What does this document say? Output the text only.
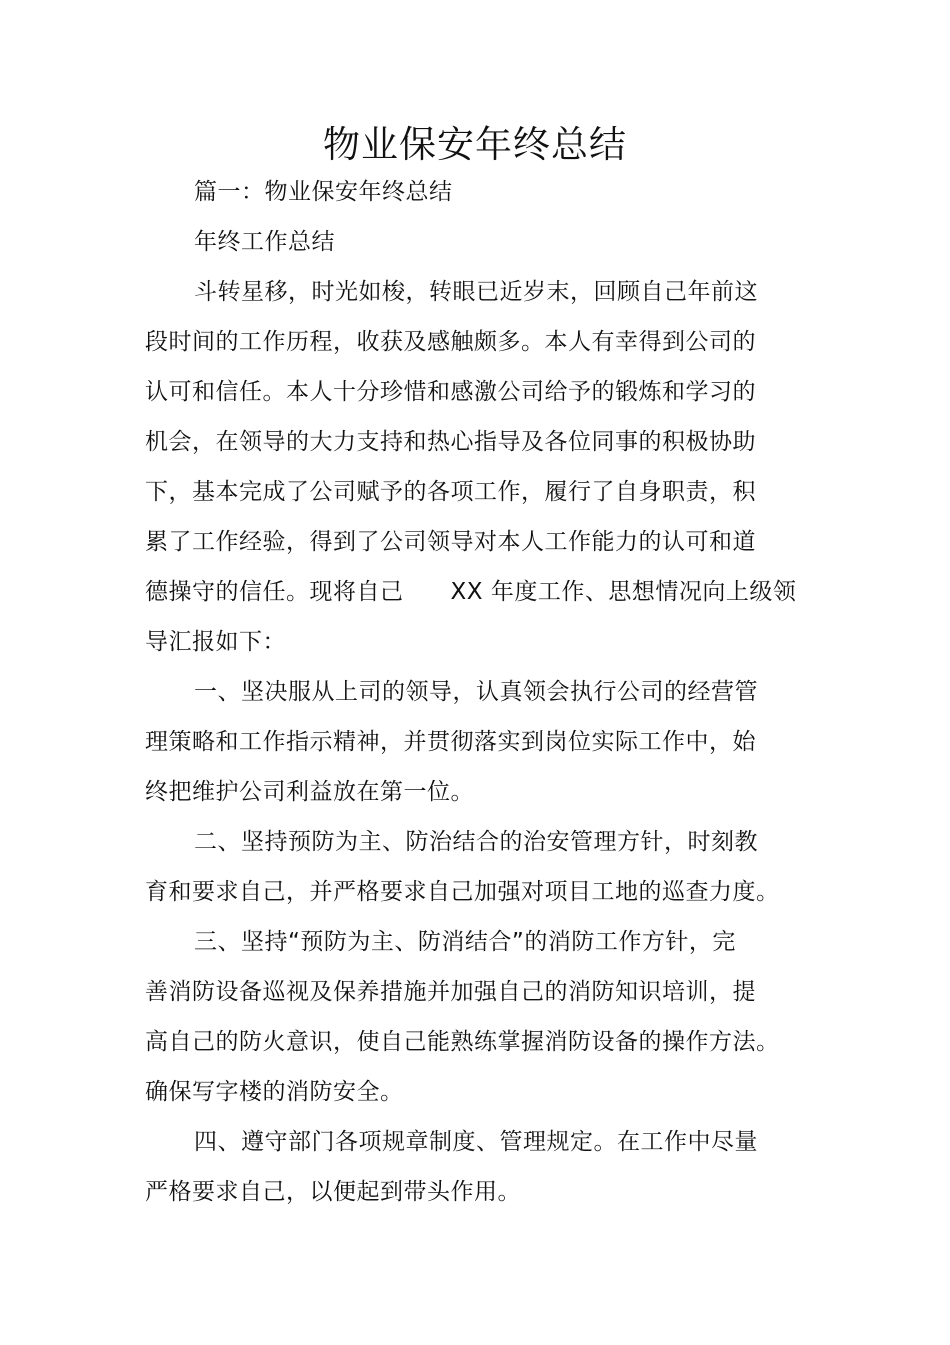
物业保安年终总结

篇一：物业保安年终总结

年终工作总结

斗转星移，时光如梭，转眼已近岁末，回顾自己年前这

段时间的工作历程，收获及感触颇多。本人有幸得到公司的

认可和信任。本人十分珍惜和感激公司给予的锻炼和学习的

机会，在领导的大力支持和热心指导及各位同事的积极协助

下，基本完成了公司赋予的各项工作，履行了自身职责，积

累了工作经验，得到了公司领导对本人工作能力的认可和道

德操守的信任。现将自己　　XX 年度工作、思想情况向上级领

导汇报如下：

一、坚决服从上司的领导，认真领会执行公司的经营管

理策略和工作指示精神，并贯彻落实到岗位实际工作中，始

终把维护公司利益放在第一位。

二、坚持预防为主、防治结合的治安管理方针，时刻教

育和要求自己，并严格要求自己加强对项目工地的巡查力度。

三、坚持“预防为主、防消结合”的消防工作方针，完

善消防设备巡视及保养措施并加强自己的消防知识培训，提

高自己的防火意识，使自己能熟练掌握消防设备的操作方法。

确保写字楼的消防安全。

四、遵守部门各项规章制度、管理规定。在工作中尽量

严格要求自己，以便起到带头作用。
